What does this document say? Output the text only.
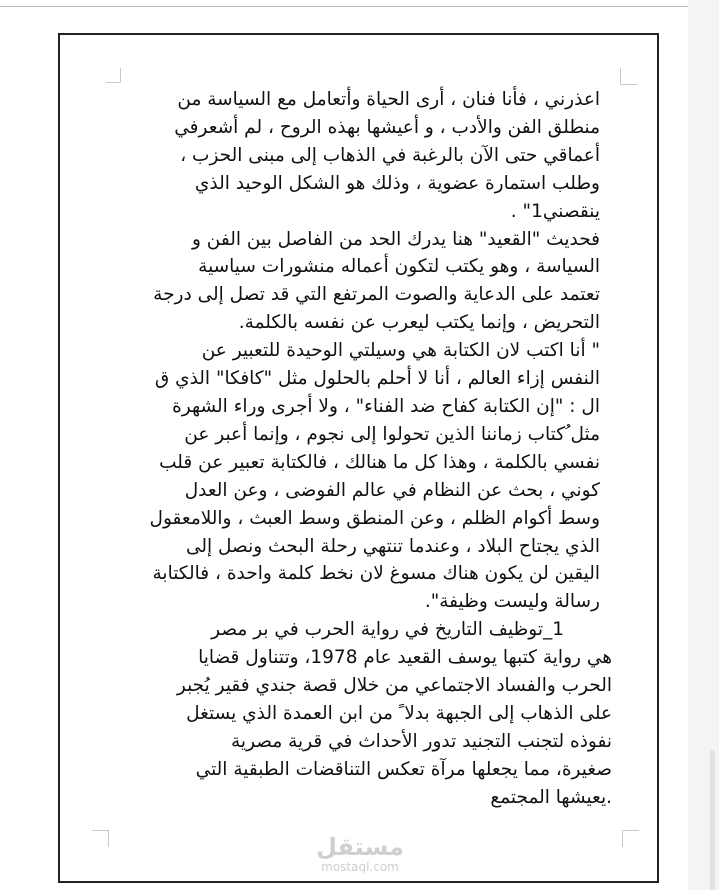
اعذرني ، فأنا فنان ، أرى الحياة وأتعامل مع السياسة من
منطلق الفن والأدب ، و أعيشها بهذه الروح ، لم أشعرفي
أعماقي حتى الآن بالرغبة في الذهاب إلى مبنى الحزب ،
وطلب استمارة عضوية ، وذلك هو الشكل الوحيد الذي
ينقصني1" .
فحديث "القعيد" هنا يدرك الحد من الفاصل بين الفن و
السياسة ، وهو يكتب لتكون أعماله منشورات سياسية
تعتمد على الدعاية والصوت المرتفع التي قد تصل إلى درجة
التحريض ، وإنما يكتب ليعرب عن نفسه بالكلمة.
" أنا اكتب لان الكتابة هي وسيلتي الوحيدة للتعبير عن
النفس إزاء العالم ، أنا لا أحلم بالحلول مثل "كافكا" الذي ق
ال : "إن الكتابة كفاح ضد الفناء" ، ولا أجرى وراء الشهرة
مثل ُكتاب زماننا الذين تحولوا إلى نجوم ، وإنما أعبر عن
نفسي بالكلمة ، وهذا كل ما هنالك ، فالكتابة تعبير عن قلب
كوني ، بحث عن النظام في عالم الفوضى ، وعن العدل
وسط أكوام الظلم ، وعن المنطق وسط العبث ، واللامعقول
الذي يجتاح البلاد ، وعندما تنتهي رحلة البحث ونصل إلى
اليقين لن يكون هناك مسوغ لان نخط كلمة واحدة ، فالكتابة
رسالة وليست وظيفة".
1_توظيف التاريخ في رواية الحرب في بر مصر
هي رواية كتبها يوسف القعيد عام 1978، وتتناول قضايا
الحرب والفساد الاجتماعي من خلال قصة جندي فقير يُجبر
على الذهاب إلى الجبهة بدلا ً من ابن العمدة الذي يستغل
نفوذه لتجنب التجنيد تدور الأحداث في قرية مصرية
صغيرة، مما يجعلها مرآة تعكس التناقضات الطبقية التي
.يعيشها المجتمع
مستقل
mostaql.com
